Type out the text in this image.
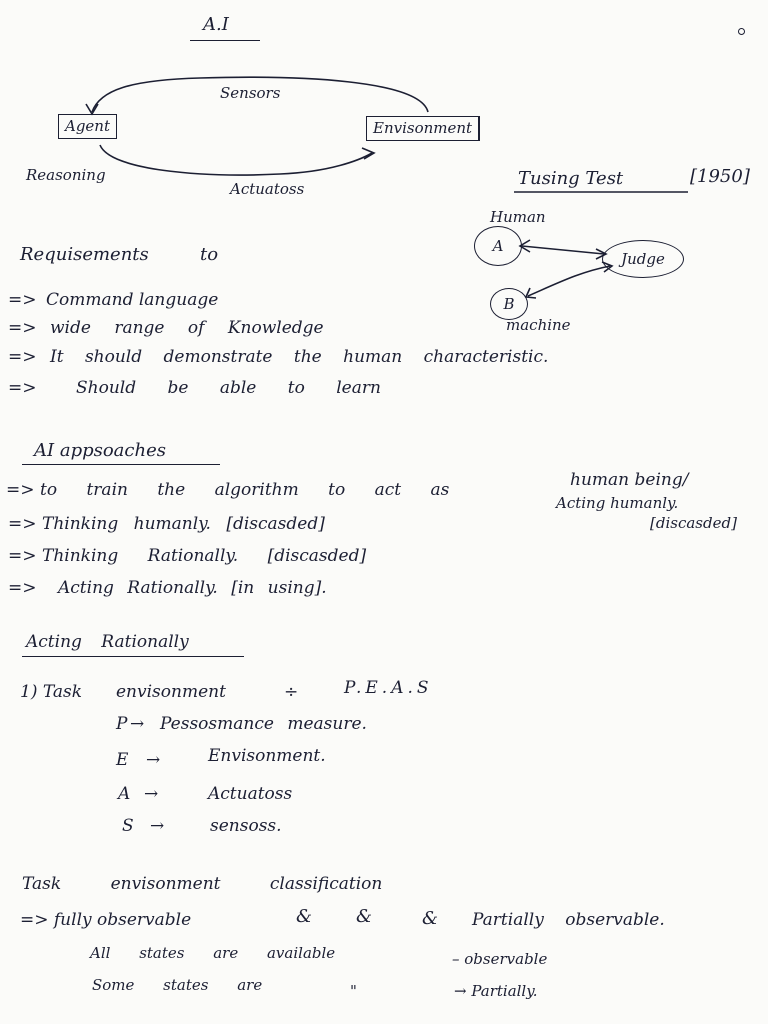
A.I
Sensors
Agent	Envisonment
Reasoning
Actuatoss	Tusing Test	[1950]
Human
A
Judge
B
machine
Requisements	to
=> Command language
=> wide range of Knowledge
=> It should demonstrate the human characteristic.
=> Should be able to learn
AI appsoaches
=> to train the algorithm to act as	human being/
Acting humanly.
[discasded]
=> Thinking humanly. [discasded]
=> Thinking Rationally. [discasded]
=> Acting Rationally. [in using].
Acting Rationally
1) Task envisonment	÷	P.E.A.S
P → Pessosmance measure.
E →	Envisonment.
A →	Actuatoss
S →	sensoss.
Task envisonment classification
=> fully observable	& &	& Partially observable.
All states are available	– observable
Some states are	"	→ Partially.
